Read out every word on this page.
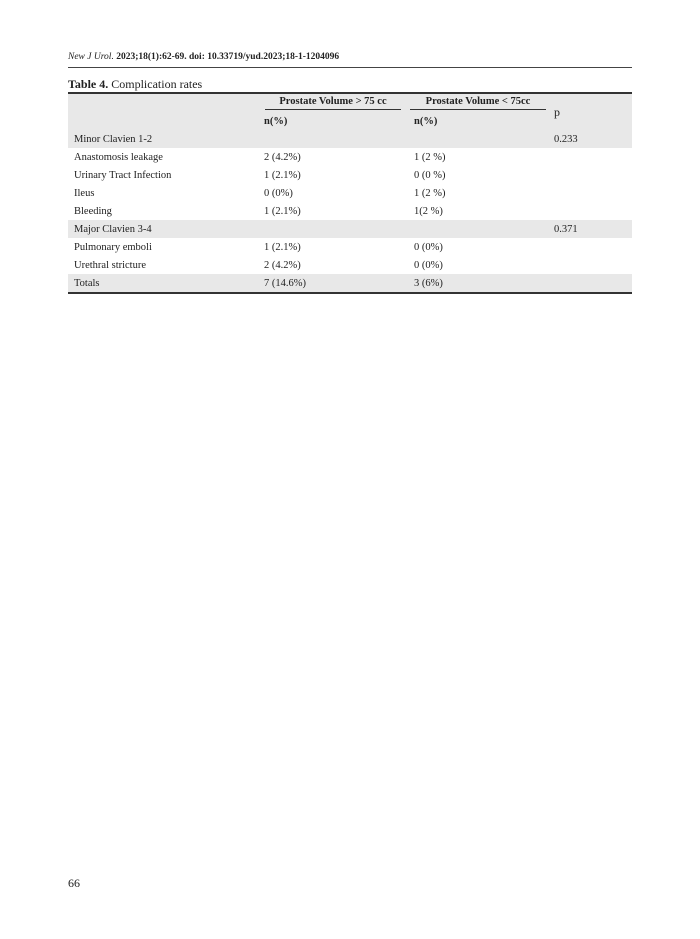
New J Urol. 2023;18(1):62-69. doi: 10.33719/yud.2023;18-1-1204096
Table 4. Complication rates
	Prostate Volume > 75 cc	Prostate Volume < 75cc	p
	n(%)	n(%)	
Minor Clavien 1-2			0.233
Anastomosis leakage	2 (4.2%)	1 (2 %)	
Urinary Tract Infection	1 (2.1%)	0 (0 %)	
Ileus	0 (0%)	1 (2 %)	
Bleeding	1 (2.1%)	1(2 %)	
Major Clavien 3-4			0.371
Pulmonary emboli	1 (2.1%)	0 (0%)	
Urethral stricture	2 (4.2%)	0 (0%)	
Totals	7 (14.6%)	3 (6%)	
66
